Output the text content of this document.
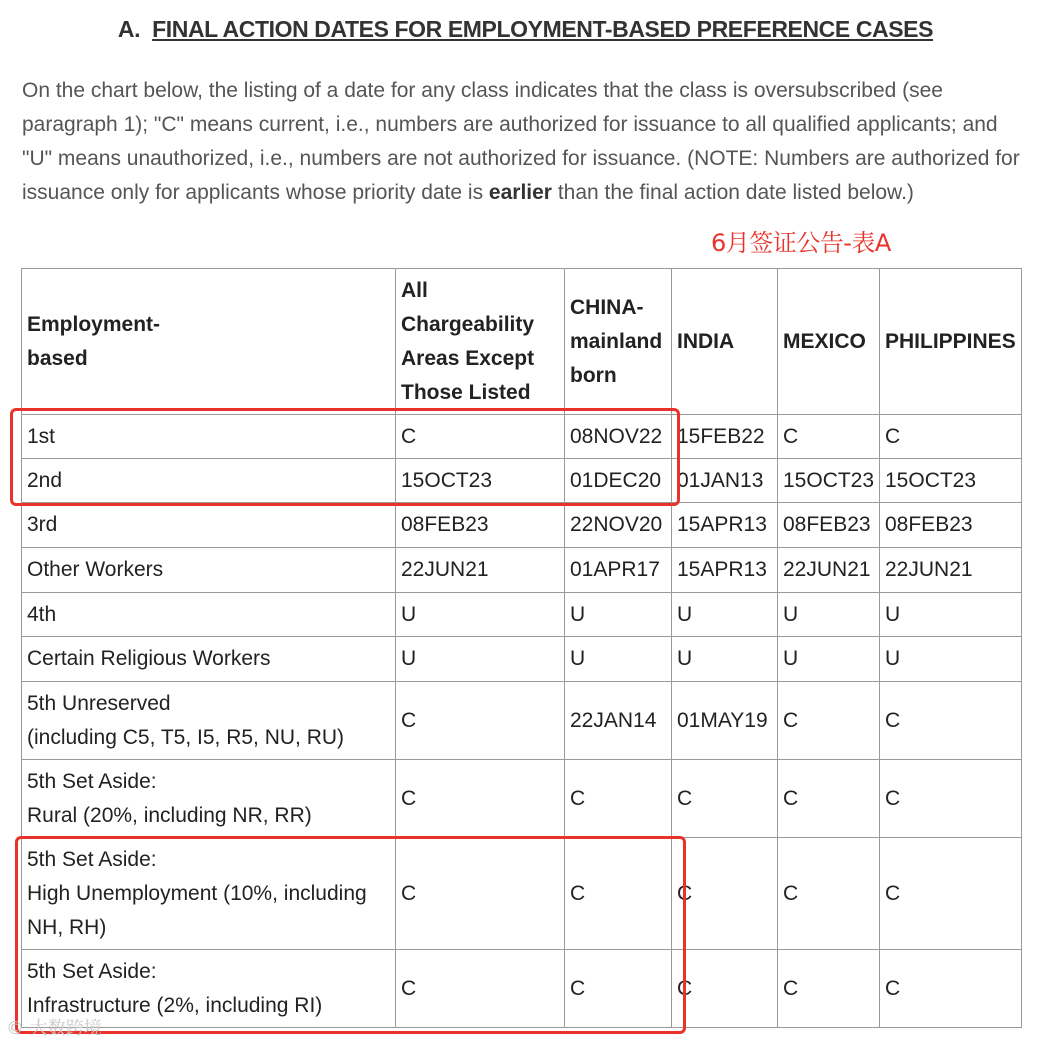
A. FINAL ACTION DATES FOR EMPLOYMENT-BASED PREFERENCE CASES
On the chart below, the listing of a date for any class indicates that the class is oversubscribed (see paragraph 1); "C" means current, i.e., numbers are authorized for issuance to all qualified applicants; and "U" means unauthorized, i.e., numbers are not authorized for issuance. (NOTE: Numbers are authorized for issuance only for applicants whose priority date is earlier than the final action date listed below.)
6月签证公告-表A
Employment-based	All Chargeability Areas Except Those Listed	CHINA-mainland born	INDIA	MEXICO	PHILIPPINES

1st	C	08NOV22	15FEB22	C	C

2nd	15OCT23	01DEC20	01JAN13	15OCT23	15OCT23

3rd	08FEB23	22NOV20	15APR13	08FEB23	08FEB23

Other Workers	22JUN21	01APR17	15APR13	22JUN21	22JUN21

4th	U	U	U	U	U

Certain Religious Workers	U	U	U	U	U

5th Unreserved
(including C5, T5, I5, R5, NU, RU)	C	22JAN14	01MAY19	C	C

5th Set Aside:
Rural (20%, including NR, RR)	C	C	C	C	C

5th Set Aside:
High Unemployment (10%, including NH, RH)	C	C	C	C	C

5th Set Aside:
Infrastructure (2%, including RI)	C	C	C	C	C
© 大数跨境
